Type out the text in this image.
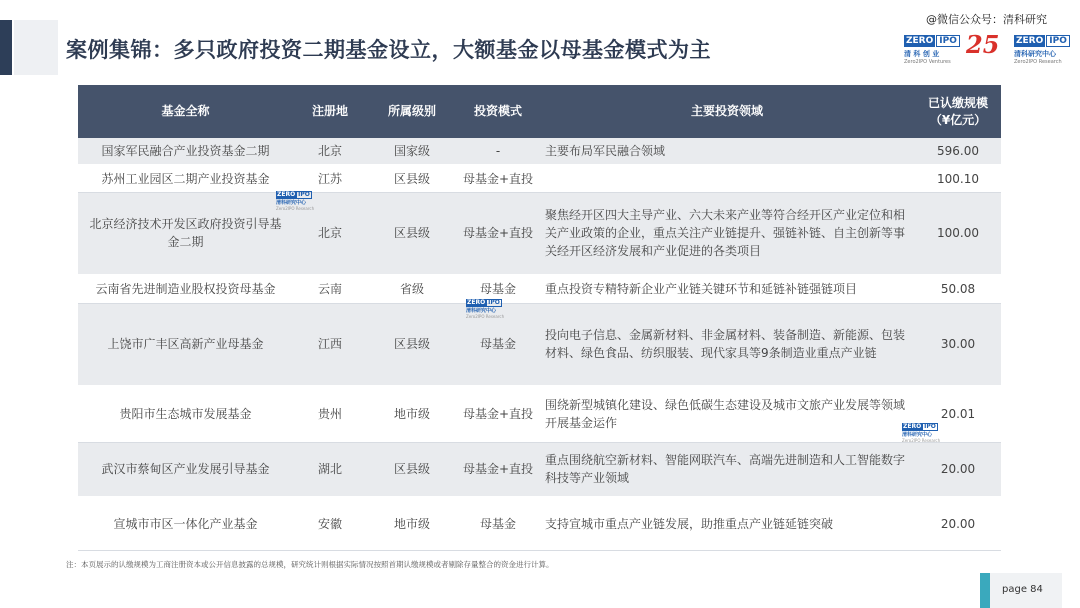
案例集锦：多只政府投资二期基金设立，大额基金以母基金模式为主
@微信公众号：清科研究
ZERO IPO
清 科 创 业
Zero2IPO Ventures
25 ZERO IPO
清科研究中心
Zero2IPO Research
基金全称	注册地	所属级别	投资模式	主要投资领域	已认缴规模
（¥亿元）
国家军民融合产业投资基金二期	北京	国家级	-	主要布局军民融合领域	596.00
苏州工业园区二期产业投资基金	江苏	区县级	母基金+直投		100.10
北京经济技术开发区政府投资引导基金二期	北京	区县级	母基金+直投	聚焦经开区四大主导产业、六大未来产业等符合经开区产业定位和相关产业政策的企业，重点关注产业链提升、强链补链、自主创新等事关经开区经济发展和产业促进的各类项目	100.00
云南省先进制造业股权投资母基金	云南	省级	母基金	重点投资专精特新企业产业链关键环节和延链补链强链项目	50.08
上饶市广丰区高新产业母基金	江西	区县级	母基金	投向电子信息、金属新材料、非金属材料、装备制造、新能源、包装材料、绿色食品、纺织服装、现代家具等9条制造业重点产业链	30.00
贵阳市生态城市发展基金	贵州	地市级	母基金+直投	围绕新型城镇化建设、绿色低碳生态建设及城市文旅产业发展等领域开展基金运作	20.01
武汉市蔡甸区产业发展引导基金	湖北	区县级	母基金+直投	重点围绕航空新材料、智能网联汽车、高端先进制造和人工智能数字科技等产业领域	20.00
宣城市市区一体化产业基金	安徽	地市级	母基金	支持宣城市重点产业链发展，助推重点产业链延链突破	20.00
ZERO IPO
清科研究中心
Zero2IPO Research
ZERO IPO
清科研究中心
Zero2IPO Research
ZERO IPO
清科研究中心
Zero2IPO Research
注：本页展示的认缴规模为工商注册资本或公开信息披露的总规模，研究统计则根据实际情况按照首期认缴规模或者剔除存量整合的资金进行计算。
page 84
